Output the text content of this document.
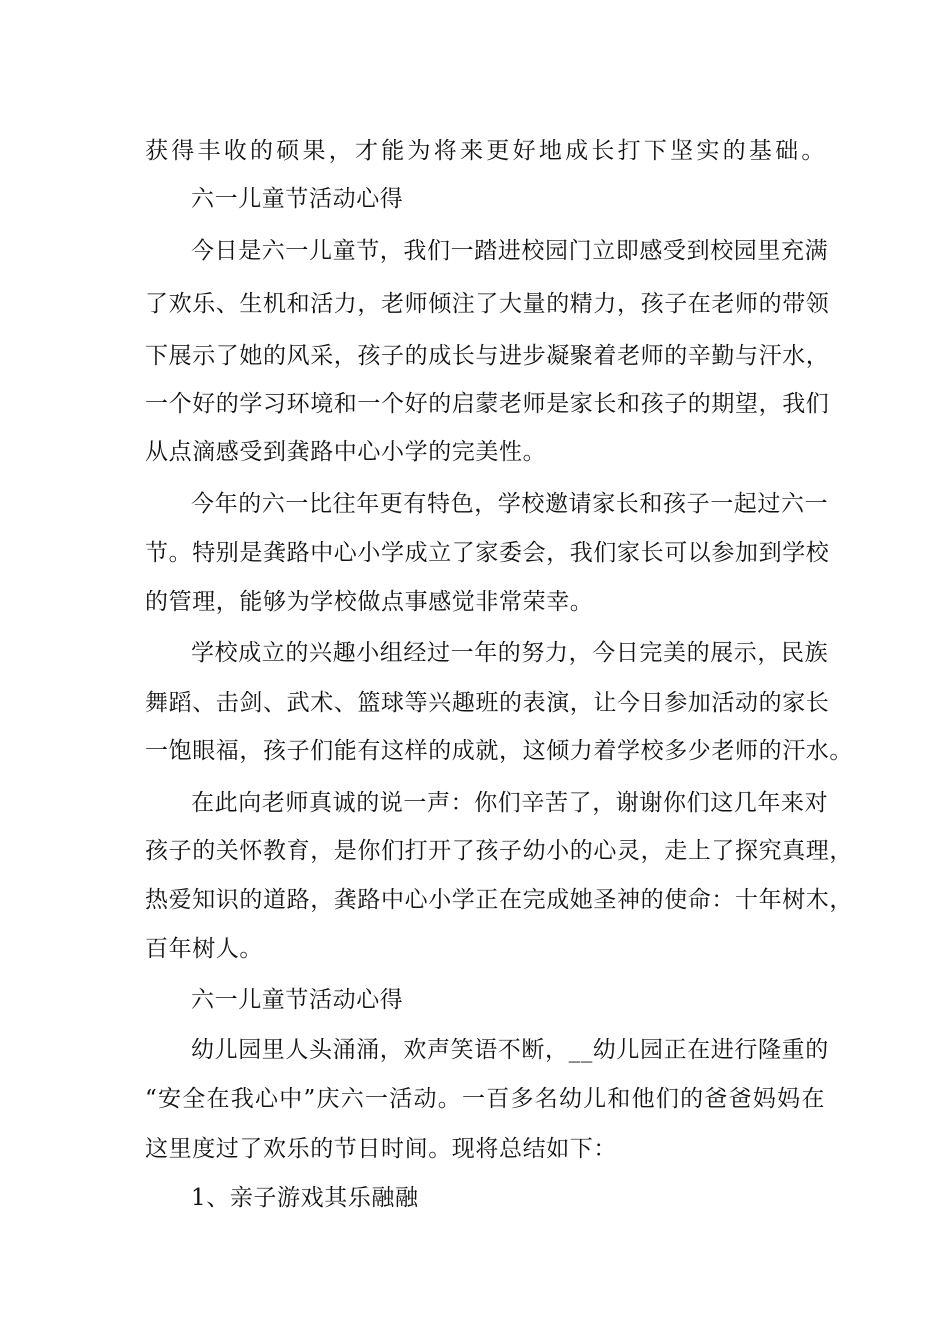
获得丰收的硕果，才能为将来更好地成长打下坚实的基础。
六一儿童节活动心得
今日是六一儿童节，我们一踏进校园门立即感受到校园里充满
了欢乐、生机和活力，老师倾注了大量的精力，孩子在老师的带领
下展示了她的风采，孩子的成长与进步凝聚着老师的辛勤与汗水，
一个好的学习环境和一个好的启蒙老师是家长和孩子的期望，我们
从点滴感受到龚路中心小学的完美性。
今年的六一比往年更有特色，学校邀请家长和孩子一起过六一
节。特别是龚路中心小学成立了家委会，我们家长可以参加到学校
的管理，能够为学校做点事感觉非常荣幸。
学校成立的兴趣小组经过一年的努力，今日完美的展示，民族
舞蹈、击剑、武术、篮球等兴趣班的表演，让今日参加活动的家长
一饱眼福，孩子们能有这样的成就，这倾力着学校多少老师的汗水。
在此向老师真诚的说一声：你们辛苦了，谢谢你们这几年来对
孩子的关怀教育，是你们打开了孩子幼小的心灵，走上了探究真理，
热爱知识的道路，龚路中心小学正在完成她圣神的使命：十年树木，
百年树人。
六一儿童节活动心得
幼儿园里人头涌涌，欢声笑语不断，__幼儿园正在进行隆重的
“安全在我心中”庆六一活动。一百多名幼儿和他们的爸爸妈妈在
这里度过了欢乐的节日时间。现将总结如下：
1、亲子游戏其乐融融
